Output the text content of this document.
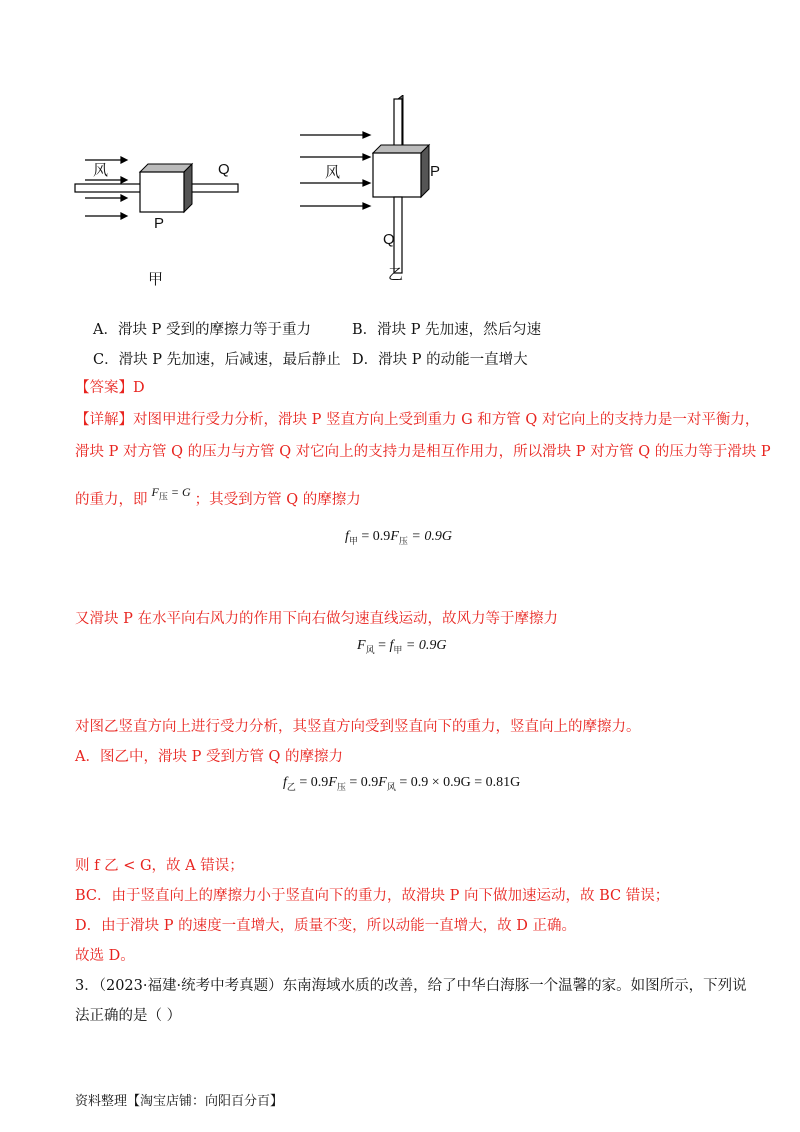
风	Q
P
甲
风	P
Q
乙
A．滑块 P 受到的摩擦力等于重力	B．滑块 P 先加速，然后匀速
C．滑块 P 先加速，后减速，最后静止 D．滑块 P 的动能一直增大
【答案】D
【详解】对图甲进行受力分析，滑块 P 竖直方向上受到重力 G 和方管 Q 对它向上的支持力是一对平衡力，
滑块 P 对方管 Q 的压力与方管 Q 对它向上的支持力是相互作用力，所以滑块 P 对方管 Q 的压力等于滑块 P
的重力，即 $^{F_压 = G}$ ；其受到方管 Q 的摩擦力
$f_甲 = 0.9F_压 = 0.9G$
又滑块 P 在水平向右风力的作用下向右做匀速直线运动，故风力等于摩擦力
$F_风 = f_甲 = 0.9G$
对图乙竖直方向上进行受力分析，其竖直方向受到竖直向下的重力，竖直向上的摩擦力。
A．图乙中，滑块 P 受到方管 Q 的摩擦力
$f_乙 = 0.9F_压 = 0.9F_风 = 0.9 \times 0.9G = 0.81G$
则 f 乙 < G，故 A 错误；
BC．由于竖直向上的摩擦力小于竖直向下的重力，故滑块 P 向下做加速运动，故 BC 错误；
D．由于滑块 P 的速度一直增大，质量不变，所以动能一直增大，故 D 正确。
故选 D。
3．（2023·福建·统考中考真题）东南海域水质的改善，给了中华白海豚一个温馨的家。如图所示，下列说
法正确的是（ ）
资料整理【淘宝店铺：向阳百分百】
